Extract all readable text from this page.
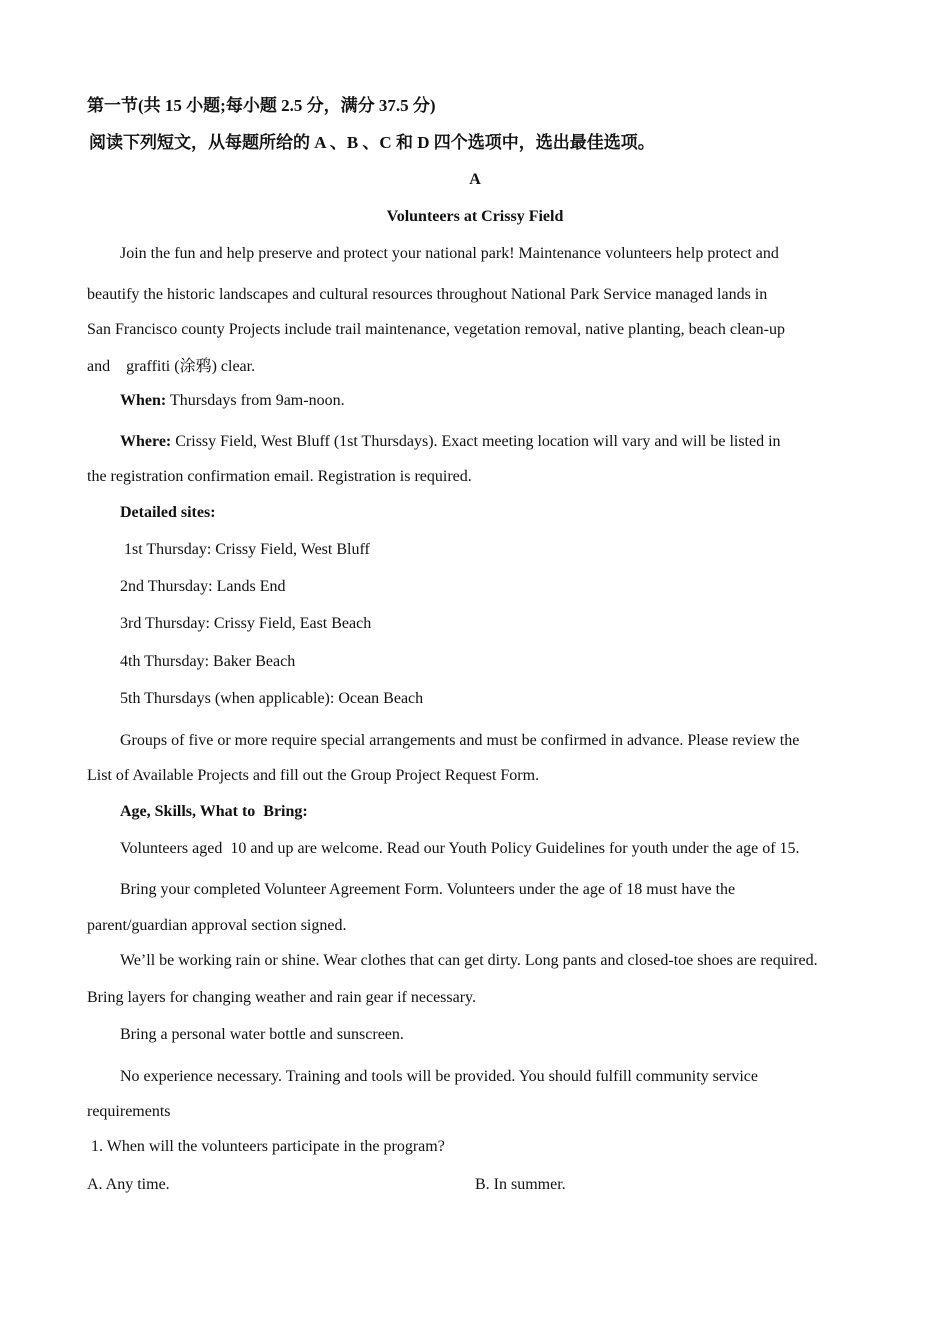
第一节(共 15 小题;每小题 2.5 分，满分 37.5 分)
阅读下列短文，从每题所给的 A 、B 、C 和 D 四个选项中，选出最佳选项。
A
Volunteers at Crissy Field
Join the fun and help preserve and protect your national park! Maintenance volunteers help protect and
beautify the historic landscapes and cultural resources throughout National Park Service managed lands in
San Francisco county Projects include trail maintenance, vegetation removal, native planting, beach clean-up
and    graffiti (涂鸦) clear.
When: Thursdays from 9am-noon.
Where: Crissy Field, West Bluff (1st Thursdays). Exact meeting location will vary and will be listed in
the registration confirmation email. Registration is required.
Detailed sites:
1st Thursday: Crissy Field, West Bluff
2nd Thursday: Lands End
3rd Thursday: Crissy Field, East Beach
4th Thursday: Baker Beach
5th Thursdays (when applicable): Ocean Beach
Groups of five or more require special arrangements and must be confirmed in advance. Please review the
List of Available Projects and fill out the Group Project Request Form.
Age, Skills, What to  Bring:
Volunteers aged  10 and up are welcome. Read our Youth Policy Guidelines for youth under the age of 15.
Bring your completed Volunteer Agreement Form. Volunteers under the age of 18 must have the
parent/guardian approval section signed.
We’ll be working rain or shine. Wear clothes that can get dirty. Long pants and closed-toe shoes are required.
Bring layers for changing weather and rain gear if necessary.
Bring a personal water bottle and sunscreen.
No experience necessary. Training and tools will be provided. You should fulfill community service
requirements
1. When will the volunteers participate in the program?
A. Any time.	B. In summer.
